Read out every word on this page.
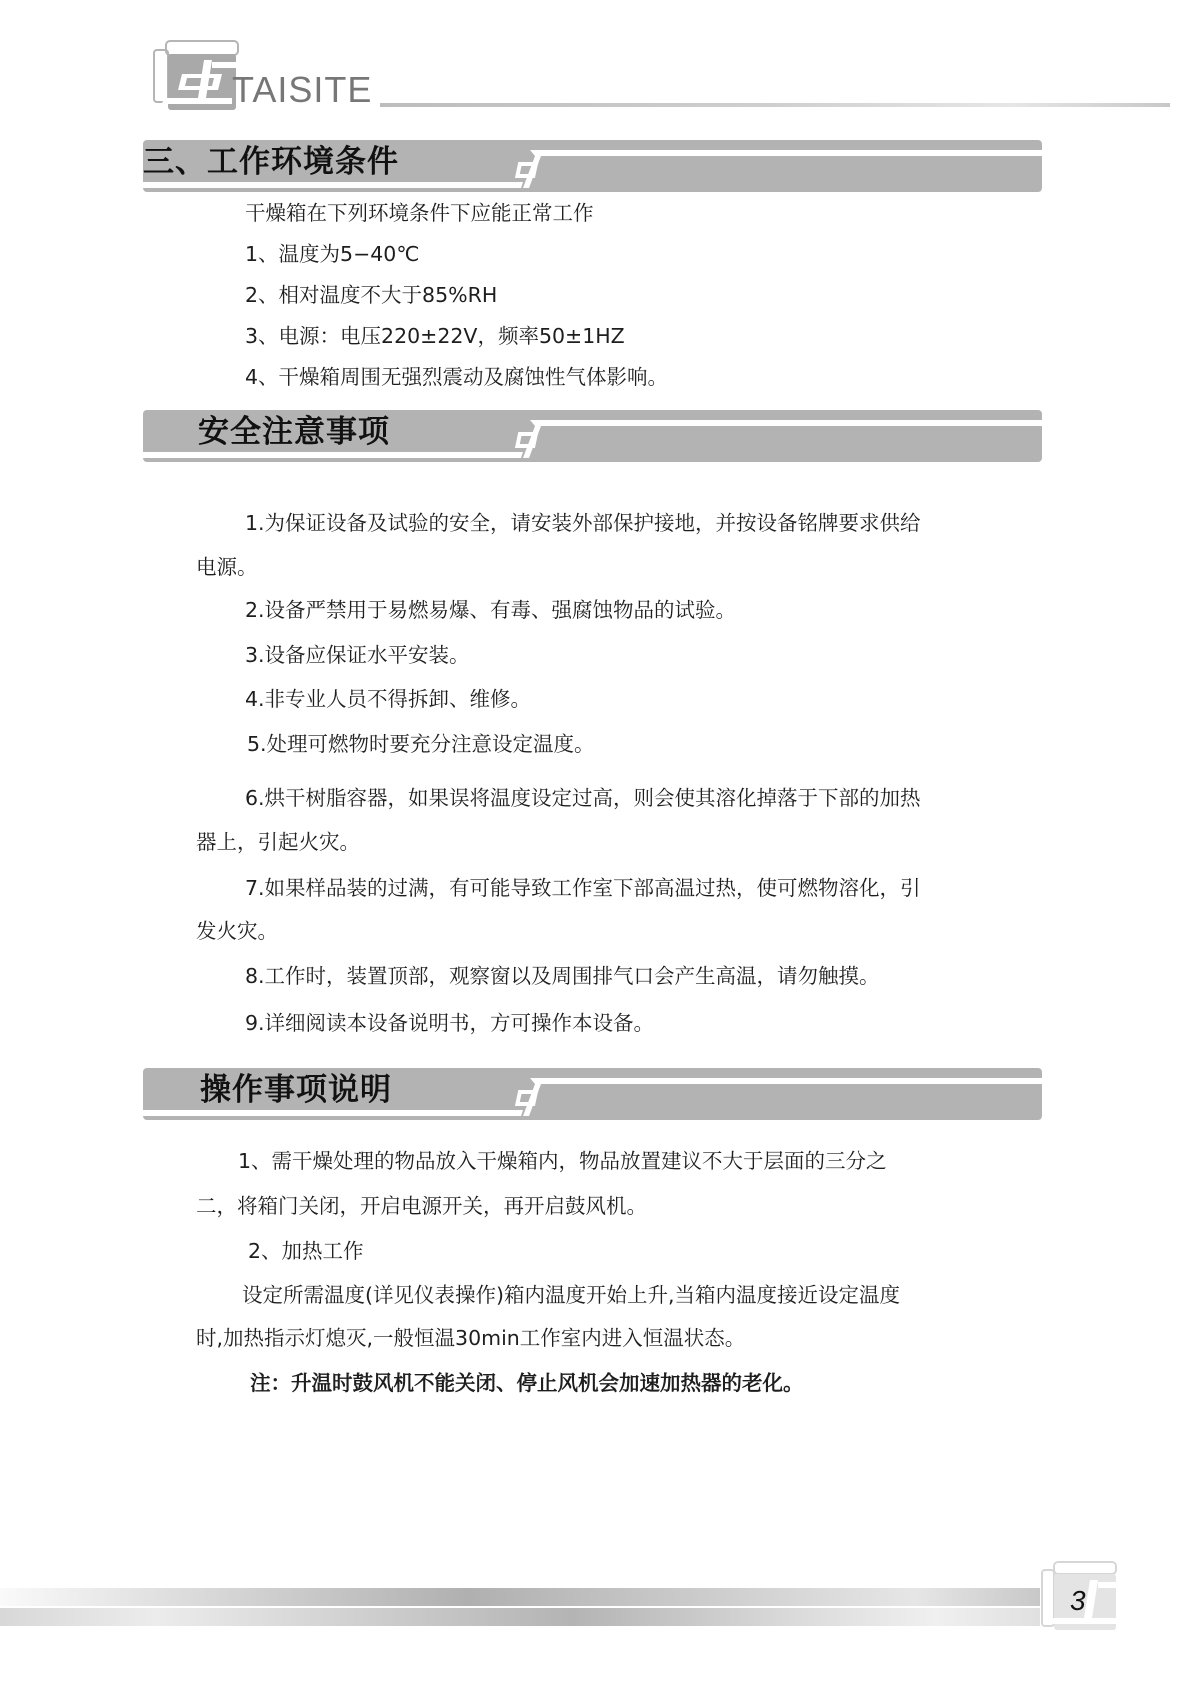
TAISITE
三、工作环境条件
干燥箱在下列环境条件下应能正常工作
1、温度为5−40℃
2、相对温度不大于85%RH
3、电源：电压220±22V，频率50±1HZ
4、干燥箱周围无强烈震动及腐蚀性气体影响。
安全注意事项
1.为保证设备及试验的安全，请安装外部保护接地，并按设备铭牌要求供给
电源。
2.设备严禁用于易燃易爆、有毒、强腐蚀物品的试验。
3.设备应保证水平安装。
4.非专业人员不得拆卸、维修。
5.处理可燃物时要充分注意设定温度。
6.烘干树脂容器，如果误将温度设定过高，则会使其溶化掉落于下部的加热
器上，引起火灾。
7.如果样品装的过满，有可能导致工作室下部高温过热，使可燃物溶化，引
发火灾。
8.工作时，装置顶部，观察窗以及周围排气口会产生高温，请勿触摸。
9.详细阅读本设备说明书，方可操作本设备。
操作事项说明
1、需干燥处理的物品放入干燥箱内，物品放置建议不大于层面的三分之
二，将箱门关闭，开启电源开关，再开启鼓风机。
2、加热工作
设定所需温度(详见仪表操作)箱内温度开始上升,当箱内温度接近设定温度
时,加热指示灯熄灭,一般恒温30min工作室内进入恒温状态。
注：升温时鼓风机不能关闭、停止风机会加速加热器的老化。
3
